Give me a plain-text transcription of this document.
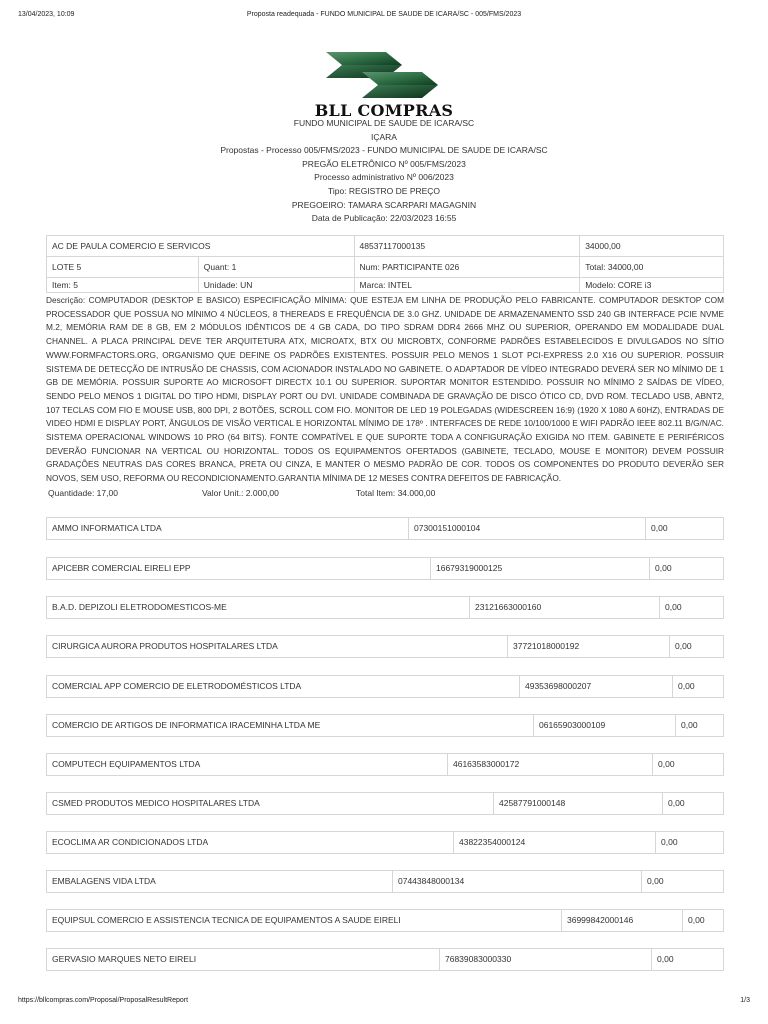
13/04/2023, 10:09	Proposta readequada - FUNDO MUNICIPAL DE SAUDE DE ICARA/SC - 005/FMS/2023
BLL COMPRAS
FUNDO MUNICIPAL DE SAUDE DE ICARA/SC
IÇARA
Propostas - Processo 005/FMS/2023 - FUNDO MUNICIPAL DE SAUDE DE ICARA/SC
PREGÃO ELETRÔNICO Nº 005/FMS/2023
Processo administrativo Nº 006/2023
Tipo: REGISTRO DE PREÇO
PREGOEIRO: TAMARA SCARPARI MAGAGNIN
Data de Publicação: 22/03/2023 16:55
AC DE PAULA COMERCIO E SERVICOS		48537117000135	34000,00
LOTE 5	Quant: 1	Num: PARTICIPANTE 026	Total: 34000,00
Item: 5	Unidade: UN	Marca: INTEL	Modelo: CORE i3
Descrição: COMPUTADOR (DESKTOP E BASICO) ESPECIFICAÇÃO MÍNIMA: QUE ESTEJA EM LINHA DE PRODUÇÃO PELO FABRICANTE. COMPUTADOR DESKTOP COM PROCESSADOR QUE POSSUA NO MÍNIMO 4 NÚCLEOS, 8 THEREADS E FREQUÊNCIA DE 3.0 GHZ. UNIDADE DE ARMAZENAMENTO SSD 240 GB INTERFACE PCIE NVME M.2, MEMÓRIA RAM DE 8 GB, EM 2 MÓDULOS IDÊNTICOS DE 4 GB CADA, DO TIPO SDRAM DDR4 2666 MHZ OU SUPERIOR, OPERANDO EM MODALIDADE DUAL CHANNEL. A PLACA PRINCIPAL DEVE TER ARQUITETURA ATX, MICROATX, BTX OU MICROBTX, CONFORME PADRÕES ESTABELECIDOS E DIVULGADOS NO SÍTIO WWW.FORMFACTORS.ORG, ORGANISMO QUE DEFINE OS PADRÕES EXISTENTES. POSSUIR PELO MENOS 1 SLOT PCI-EXPRESS 2.0 X16 OU SUPERIOR. POSSUIR SISTEMA DE DETECÇÃO DE INTRUSÃO DE CHASSIS, COM ACIONADOR INSTALADO NO GABINETE. O ADAPTADOR DE VÍDEO INTEGRADO DEVERÁ SER NO MÍNIMO DE 1 GB DE MEMÓRIA. POSSUIR SUPORTE AO MICROSOFT DIRECTX 10.1 OU SUPERIOR. SUPORTAR MONITOR ESTENDIDO. POSSUIR NO MÍNIMO 2 SAÍDAS DE VÍDEO, SENDO PELO MENOS 1 DIGITAL DO TIPO HDMI, DISPLAY PORT OU DVI. UNIDADE COMBINADA DE GRAVAÇÃO DE DISCO ÓTICO CD, DVD ROM. TECLADO USB, ABNT2, 107 TECLAS COM FIO E MOUSE USB, 800 DPI, 2 BOTÕES, SCROLL COM FIO. MONITOR DE LED 19 POLEGADAS (WIDESCREEN 16:9) (1920 X 1080 A 60HZ), ENTRADAS DE VIDEO HDMI E DISPLAY PORT, ÂNGULOS DE VISÃO VERTICAL E HORIZONTAL MÍNIMO DE 178º . INTERFACES DE REDE 10/100/1000 E WIFI PADRÃO IEEE 802.11 B/G/N/AC. SISTEMA OPERACIONAL WINDOWS 10 PRO (64 BITS). FONTE COMPATÍVEL E QUE SUPORTE TODA A CONFIGURAÇÃO EXIGIDA NO ITEM. GABINETE E PERIFÉRICOS DEVERÃO FUNCIONAR NA VERTICAL OU HORIZONTAL. TODOS OS EQUIPAMENTOS OFERTADOS (GABINETE, TECLADO, MOUSE E MONITOR) DEVEM POSSUIR GRADAÇÕES NEUTRAS DAS CORES BRANCA, PRETA OU CINZA, E MANTER O MESMO PADRÃO DE COR. TODOS OS COMPONENTES DO PRODUTO DEVERÃO SER NOVOS, SEM USO, REFORMA OU RECONDICIONAMENTO.GARANTIA MÍNIMA DE 12 MESES CONTRA DEFEITOS DE FABRICAÇÃO.
Quantidade: 17,00	Valor Unit.: 2.000,00	Total Item: 34.000,00
AMMO INFORMATICA LTDA	07300151000104	0,00
APICEBR COMERCIAL EIRELI EPP	16679319000125	0,00
B.A.D. DEPIZOLI ELETRODOMESTICOS-ME	23121663000160	0,00
CIRURGICA AURORA PRODUTOS HOSPITALARES LTDA	37721018000192	0,00
COMERCIAL APP COMERCIO DE ELETRODOMÉSTICOS LTDA	49353698000207	0,00
COMERCIO DE ARTIGOS DE INFORMATICA IRACEMINHA LTDA ME	06165903000109	0,00
COMPUTECH EQUIPAMENTOS LTDA	46163583000172	0,00
CSMED PRODUTOS MEDICO HOSPITALARES LTDA	42587791000148	0,00
ECOCLIMA AR CONDICIONADOS LTDA	43822354000124	0,00
EMBALAGENS VIDA LTDA	07443848000134	0,00
EQUIPSUL COMERCIO E ASSISTENCIA TECNICA DE EQUIPAMENTOS A SAUDE EIRELI	36999842000146	0,00
GERVASIO MARQUES NETO EIRELI	76839083000330	0,00
https://bllcompras.com/Proposal/ProposalResultReport	1/3
